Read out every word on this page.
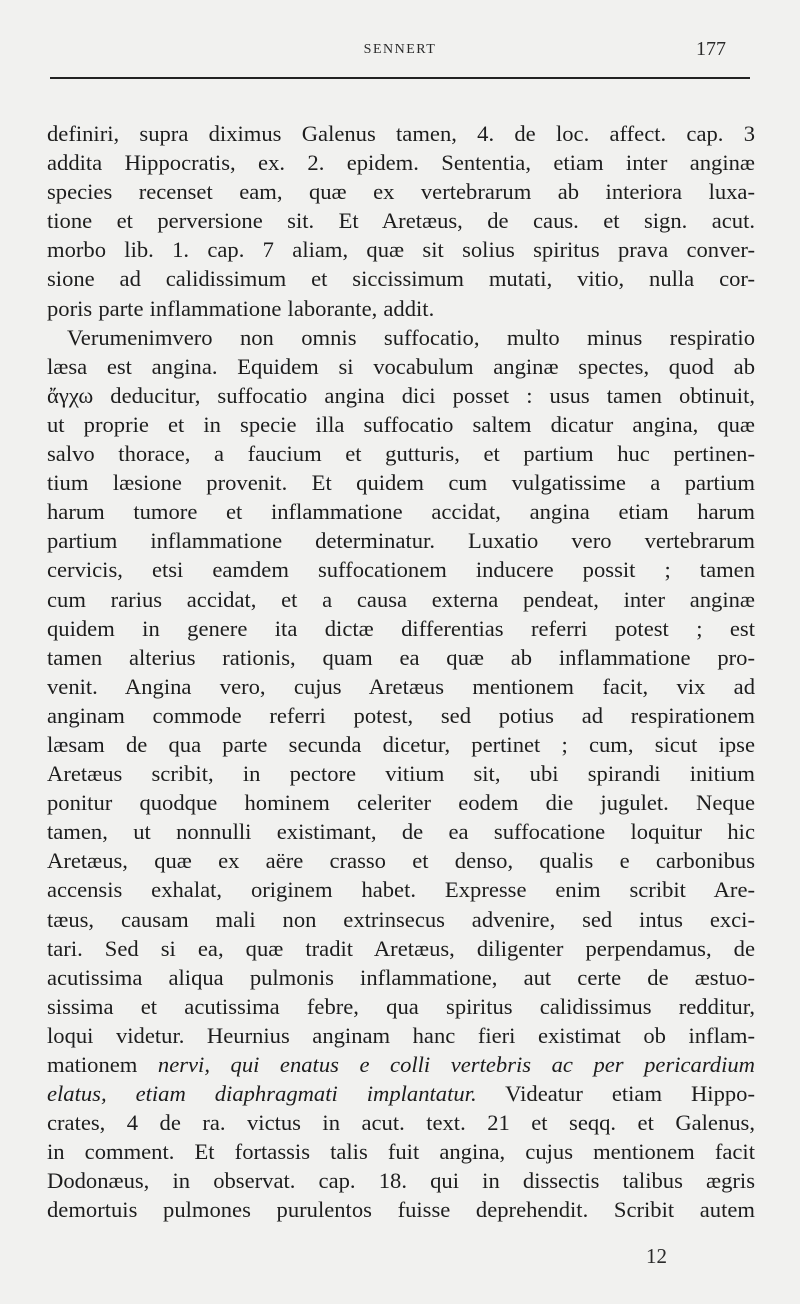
SENNERT	177
definiri, supra diximus Galenus tamen, 4. de loc. affect. cap. 3
addita Hippocratis, ex. 2. epidem. Sententia, etiam inter anginæ
species recenset eam, quæ ex vertebrarum ab interiora luxa-
tione et perversione sit. Et Aretæus, de caus. et sign. acut.
morbo lib. 1. cap. 7 aliam, quæ sit solius spiritus prava conver-
sione ad calidissimum et siccissimum mutati, vitio, nulla cor-
poris parte inflammatione laborante, addit.
Verumenimvero non omnis suffocatio, multo minus respiratio
læsa est angina. Equidem si vocabulum anginæ spectes, quod ab
ἄγχω deducitur, suffocatio angina dici posset : usus tamen obtinuit,
ut proprie et in specie illa suffocatio saltem dicatur angina, quæ
salvo thorace, a faucium et gutturis, et partium huc pertinen-
tium læsione provenit. Et quidem cum vulgatissime a partium
harum tumore et inflammatione accidat, angina etiam harum
partium inflammatione determinatur. Luxatio vero vertebrarum
cervicis, etsi eamdem suffocationem inducere possit ; tamen
cum rarius accidat, et a causa externa pendeat, inter anginæ
quidem in genere ita dictæ differentias referri potest ; est
tamen alterius rationis, quam ea quæ ab inflammatione pro-
venit. Angina vero, cujus Aretæus mentionem facit, vix ad
anginam commode referri potest, sed potius ad respirationem
læsam de qua parte secunda dicetur, pertinet ; cum, sicut ipse
Aretæus scribit, in pectore vitium sit, ubi spirandi initium
ponitur quodque hominem celeriter eodem die jugulet. Neque
tamen, ut nonnulli existimant, de ea suffocatione loquitur hic
Aretæus, quæ ex aëre crasso et denso, qualis e carbonibus
accensis exhalat, originem habet. Expresse enim scribit Are-
tæus, causam mali non extrinsecus advenire, sed intus exci-
tari. Sed si ea, quæ tradit Aretæus, diligenter perpendamus, de
acutissima aliqua pulmonis inflammatione, aut certe de æstuo-
sissima et acutissima febre, qua spiritus calidissimus redditur,
loqui videtur. Heurnius anginam hanc fieri existimat ob inflam-
mationem nervi, qui enatus e colli vertebris ac per pericardium
elatus, etiam diaphragmati implantatur. Videatur etiam Hippo-
crates, 4 de ra. victus in acut. text. 21 et seqq. et Galenus,
in comment. Et fortassis talis fuit angina, cujus mentionem facit
Dodonæus, in observat. cap. 18. qui in dissectis talibus ægris
demortuis pulmones purulentos fuisse deprehendit. Scribit autem
12
